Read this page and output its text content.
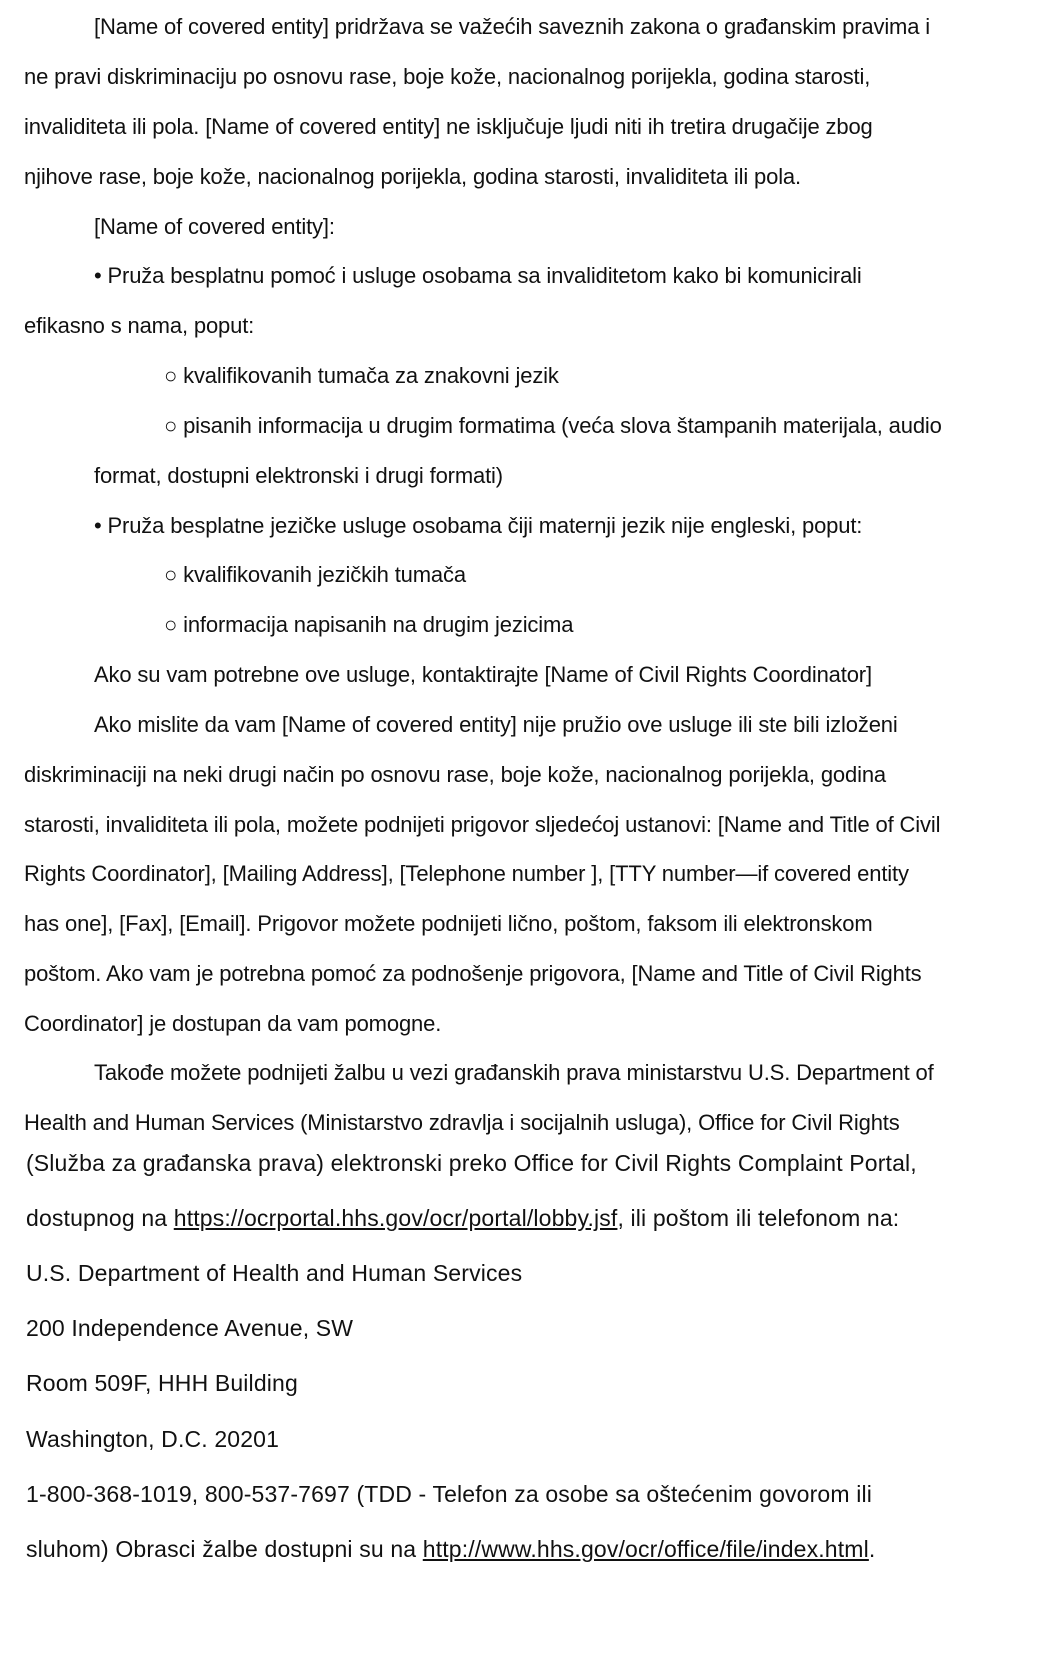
[Name of covered entity] pridržava se važećih saveznih zakona o građanskim pravima i
ne pravi diskriminaciju po osnovu rase, boje kože, nacionalnog porijekla, godina starosti,
invaliditeta ili pola. [Name of covered entity] ne isključuje ljudi niti ih tretira drugačije zbog
njihove rase, boje kože, nacionalnog porijekla, godina starosti, invaliditeta ili pola.
[Name of covered entity]:
• Pruža besplatnu pomoć i usluge osobama sa invaliditetom kako bi komunicirali
efikasno s nama, poput:
○ kvalifikovanih tumača za znakovni jezik
○ pisanih informacija u drugim formatima (veća slova štampanih materijala, audio
format, dostupni elektronski i drugi formati)
• Pruža besplatne jezičke usluge osobama čiji maternji jezik nije engleski, poput:
○ kvalifikovanih jezičkih tumača
○ informacija napisanih na drugim jezicima
Ako su vam potrebne ove usluge, kontaktirajte [Name of Civil Rights Coordinator]
Ako mislite da vam [Name of covered entity] nije pružio ove usluge ili ste bili izloženi
diskriminaciji na neki drugi način po osnovu rase, boje kože, nacionalnog porijekla, godina
starosti, invaliditeta ili pola, možete podnijeti prigovor sljedećoj ustanovi: [Name and Title of Civil
Rights Coordinator], [Mailing Address], [Telephone number ], [TTY number—if covered entity
has one], [Fax], [Email]. Prigovor možete podnijeti lično, poštom, faksom ili elektronskom
poštom. Ako vam je potrebna pomoć za podnošenje prigovora, [Name and Title of Civil Rights
Coordinator] je dostupan da vam pomogne.
Takođe možete podnijeti žalbu u vezi građanskih prava ministarstvu U.S. Department of
Health and Human Services (Ministarstvo zdravlja i socijalnih usluga), Office for Civil Rights
(Služba za građanska prava) elektronski preko Office for Civil Rights Complaint Portal,
dostupnog na https://ocrportal.hhs.gov/ocr/portal/lobby.jsf, ili poštom ili telefonom na:
U.S. Department of Health and Human Services
200 Independence Avenue, SW
Room 509F, HHH Building
Washington, D.C. 20201
1-800-368-1019, 800-537-7697 (TDD - Telefon za osobe sa oštećenim govorom ili
sluhom) Obrasci žalbe dostupni su na http://www.hhs.gov/ocr/office/file/index.html.
